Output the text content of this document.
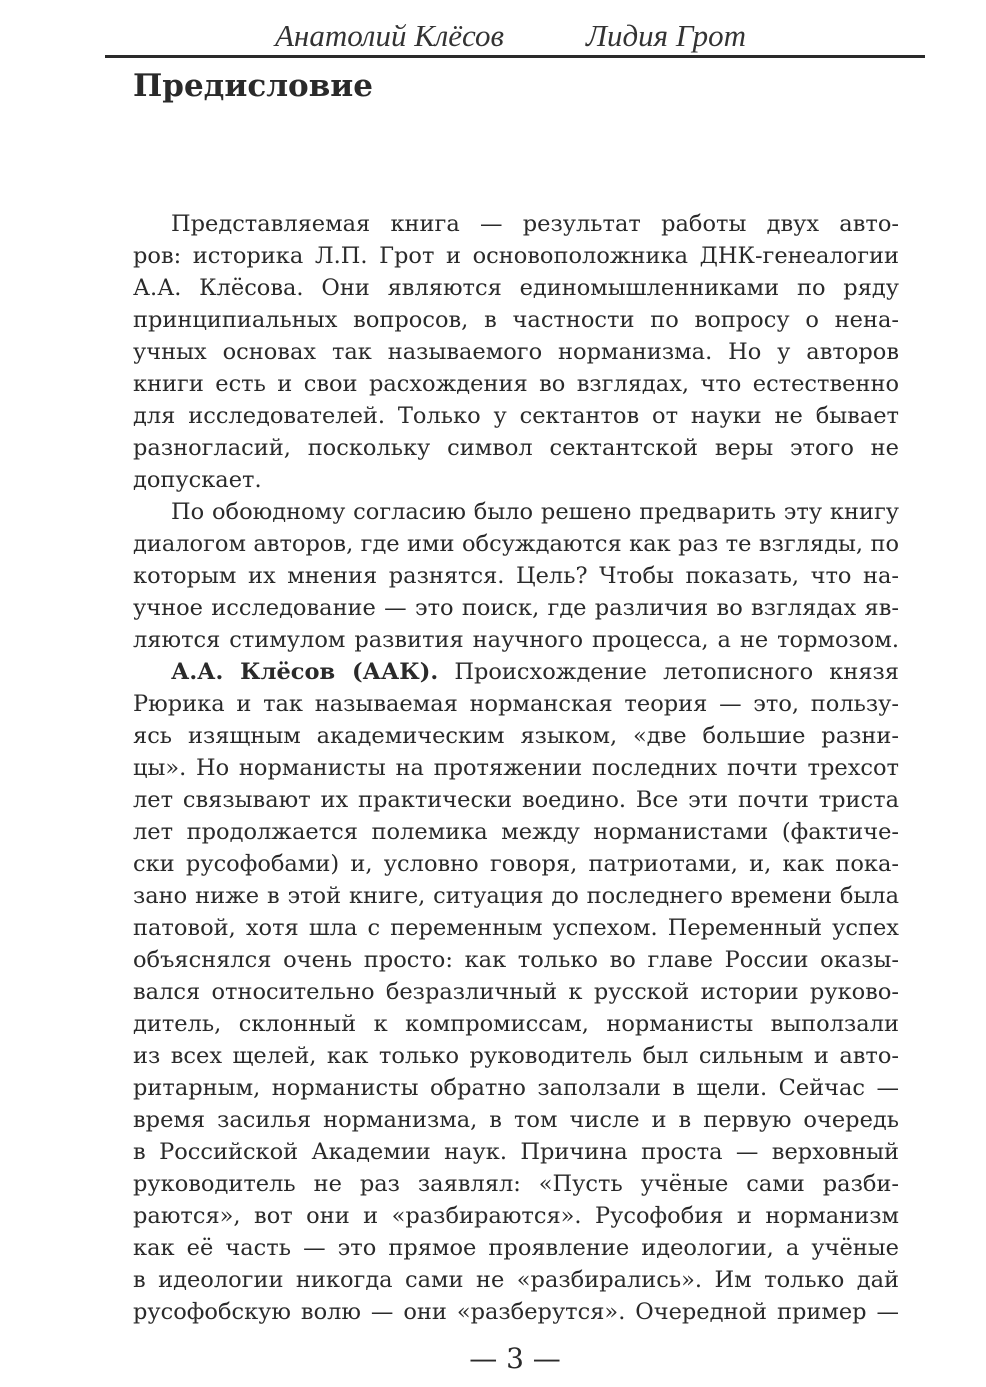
Анатолий Клёсов	Лидия Грот
Предисловие
Представляемая книга — результат работы двух авто-
ров: историка Л.П. Грот и основоположника ДНК-генеалогии
А.А. Клёсова. Они являются единомышленниками по ряду
принципиальных вопросов, в частности по вопросу о нена-
учных основах так называемого норманизма. Но у авторов
книги есть и свои расхождения во взглядах, что естественно
для исследователей. Только у сектантов от науки не бывает
разногласий, поскольку символ сектантской веры этого не
допускает.
По обоюдному согласию было решено предварить эту книгу
диалогом авторов, где ими обсуждаются как раз те взгляды, по
которым их мнения разнятся. Цель? Чтобы показать, что на-
учное исследование — это поиск, где различия во взглядах яв-
ляются стимулом развития научного процесса, а не тормозом.
А.А. Клёсов (ААК). Происхождение летописного князя
Рюрика и так называемая норманская теория — это, пользу-
ясь изящным академическим языком, «две большие разни-
цы». Но норманисты на протяжении последних почти трехсот
лет связывают их практически воедино. Все эти почти триста
лет продолжается полемика между норманистами (фактиче-
ски русофобами) и, условно говоря, патриотами, и, как пока-
зано ниже в этой книге, ситуация до последнего времени была
патовой, хотя шла с переменным успехом. Переменный успех
объяснялся очень просто: как только во главе России оказы-
вался относительно безразличный к русской истории руково-
дитель, склонный к компромиссам, норманисты выползали
из всех щелей, как только руководитель был сильным и авто-
ритарным, норманисты обратно заползали в щели. Сейчас —
время засилья норманизма, в том числе и в первую очередь
в Российской Академии наук. Причина проста — верховный
руководитель не раз заявлял: «Пусть учёные сами разби-
раются», вот они и «разбираются». Русофобия и норманизм
как её часть — это прямое проявление идеологии, а учёные
в идеологии никогда сами не «разбирались». Им только дай
русофобскую волю — они «разберутся». Очередной пример —
— 3 —
